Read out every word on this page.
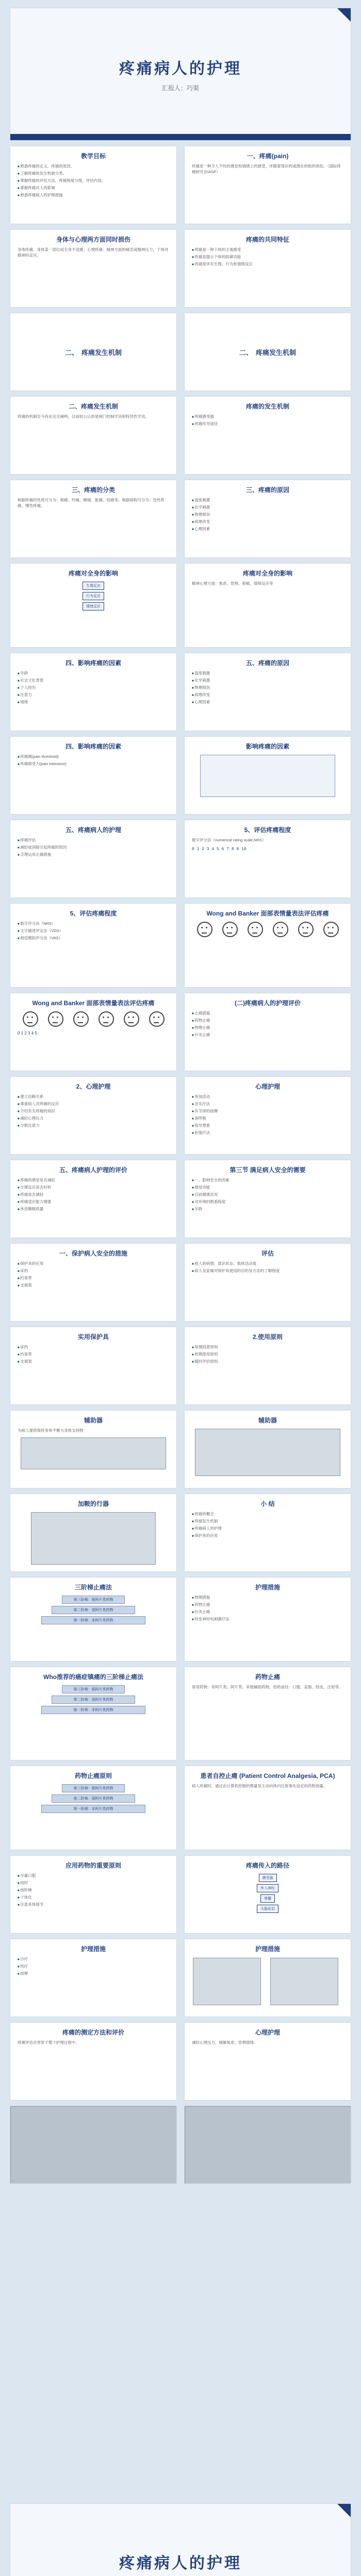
疼痛病人的护理
汇报人：巧渠
教学目标
■ 熟悉疼痛的定义、疼痛的原因。
■ 了解疼痛的发生机制分类。
■ 掌握疼痛的评估方法、疼痛程度分级、评估内容。
■ 掌握疼痛对人的影响
■ 熟悉疼痛病人的护理措施
一、疼痛(pain)
疼痛是一种令人不快的感觉和情绪上的感受，伴随着现存的或潜在的组织损伤。（国际疼痛研究会IASP）
身体与心理两方面同时损伤
身体疼痛、身体某一部位或全身不适感；心理疼痛：精神方面的痛苦或精神压力，个体对精神的反应。
疼痛的共同特征
■ 疼痛是一种个体的主观感受
■ 疼痛是提示个体的防御功能
■ 疼痛常伴有生理、行为和情绪反应
二、 疼痛发生机制	二、 疼痛发生机制
二、疼痛发生机制
疼痛的机制至今尚未完全阐明，目前较公认的是闸门控制学说和特异性学说。
疼痛的发生机制
■ 疼痛感受器
■ 疼痛传导途径
三、疼痛的分类
根据疼痛的性质可分为：刺痛、灼痛、酸痛、胀痛、绞痛等。根据病程可分为：急性疼痛、慢性疼痛。
三、疼痛的原因
■ 温度刺激
■ 化学刺激
■ 物理损伤
■ 病理改变
■ 心理因素
疼痛对全身的影响
生理反应
行为反应
情绪反应
疼痛对全身的影响
精神心理方面：焦虑、恐惧、抑郁、情绪反应等
四、影响疼痛的因素
■ 年龄
■ 社会文化背景
■ 个人经历
■ 注意力
■ 情绪
五、疼痛的原因
■ 温度刺激
■ 化学刺激
■ 物理损伤
■ 病理改变
■ 心理因素
四、影响疼痛的因素
■ 疼痛阈(pain threshold)
■ 疼痛耐受力(pain tolerance)
影响疼痛的因素
五、疼痛病人的护理
■ 疼痛评估
■ 减轻或消除引起疼痛的原因
■ 合理运用止痛措施
5、评估疼痛程度
数字评分法（numerical rating scale,NRS）
0 1 2 3 4 5 6 7 8 9 10
5、评估疼痛程度
■ 数字评分法（NRS）
■ 文字描述评定法（VDS）
■ 视觉模拟评分法（VAS）
Wong and Banker 面部表情量表法评估疼痛
Wong and Banker 面部表情量表法评估疼痛
0 1 2 3 4 5
(二)疼痛病人的护理评价
■ 止痛措施
■ 药物止痛
■ 物理止痛
■ 针灸止痛
2、心理护理
■ 建立信赖关系
■ 尊重病人对疼痛的反应
■ 介绍有关疼痛的知识
■ 减轻心理压力
■ 分散注意力
心理护理
■ 参加活动
■ 音乐疗法
■ 有节律的按摩
■ 深呼吸
■ 指导想象
■ 松弛疗法
五、疼痛病人护理的评价
■ 疼痛的感觉是否减轻
■ 生理反应是否好转
■ 疼痛是否减轻
■ 疼痛适应能力增强
■ 休息睡眠质量
第三节 满足病人安全的需要
■ 一、影响安全的因素
■ 感觉功能
■ 目前健康状况
■ 对环境的熟悉程度
■ 年龄
一、保护病人安全的措施
■ 保护具的应用
■ 床档
■ 约束带
■ 支被架
评估
■ 病人的病情、意识状态、肢体活动度
■ 病人及家属对保护具使用的目的及方法的了解程度
实用保护具
■ 床档
■ 约束带
■ 支被架
2.使用原则
■ 知情同意原则
■ 短期使用原则
■ 随时评价原则
辅助器
为病人提供保持身体平衡与身体支持物
辅助器
加鞍的行器	小 结
■ 疼痛的概念
■ 疼痛发生机制
■ 疼痛病人的护理
■ 保护具的应用
三阶梯止痛法
第三阶梯：强阿片类药物
第二阶梯：弱阿片类药物
第一阶梯：非阿片类药物
护理措施
■ 物理措施
■ 药物止痛
■ 针灸止痛
■ 经皮神经电刺激疗法
Who推荐的癌症镇痛的三阶梯止痛法
第三阶梯：强阿片类药物
第二阶梯：弱阿片类药物
第一阶梯：非阿片类药物
药物止痛
常用药物：非阿片类、阿片类、其他辅助药物。给药途径：口服、直肠、经皮、注射等。
药物止痛原则
第三阶梯：强阿片类药物
第二阶梯：弱阿片类药物
第一阶梯：非阿片类药物
患者自控止痛 (Patient Control Analgesia, PCA)
病人疼痛时，通过由计算机控制的微量泵主动向体内注射事先设定的药物剂量。
应用药物的重要原则
■ 尽量口服
■ 按时
■ 按阶梯
■ 个体化
■ 注意具体细节
疼痛传入的路径
感受器
传入神经
脊髓
大脑皮层
护理措施
■ 冷疗
■ 热疗
■ 按摩
护理措施
疼痛的测定方法和评价
疼痛评估应贯穿于整个护理过程中。
心理护理
减轻心理压力，缓解焦虑、恐惧情绪。
疼痛病人的护理
